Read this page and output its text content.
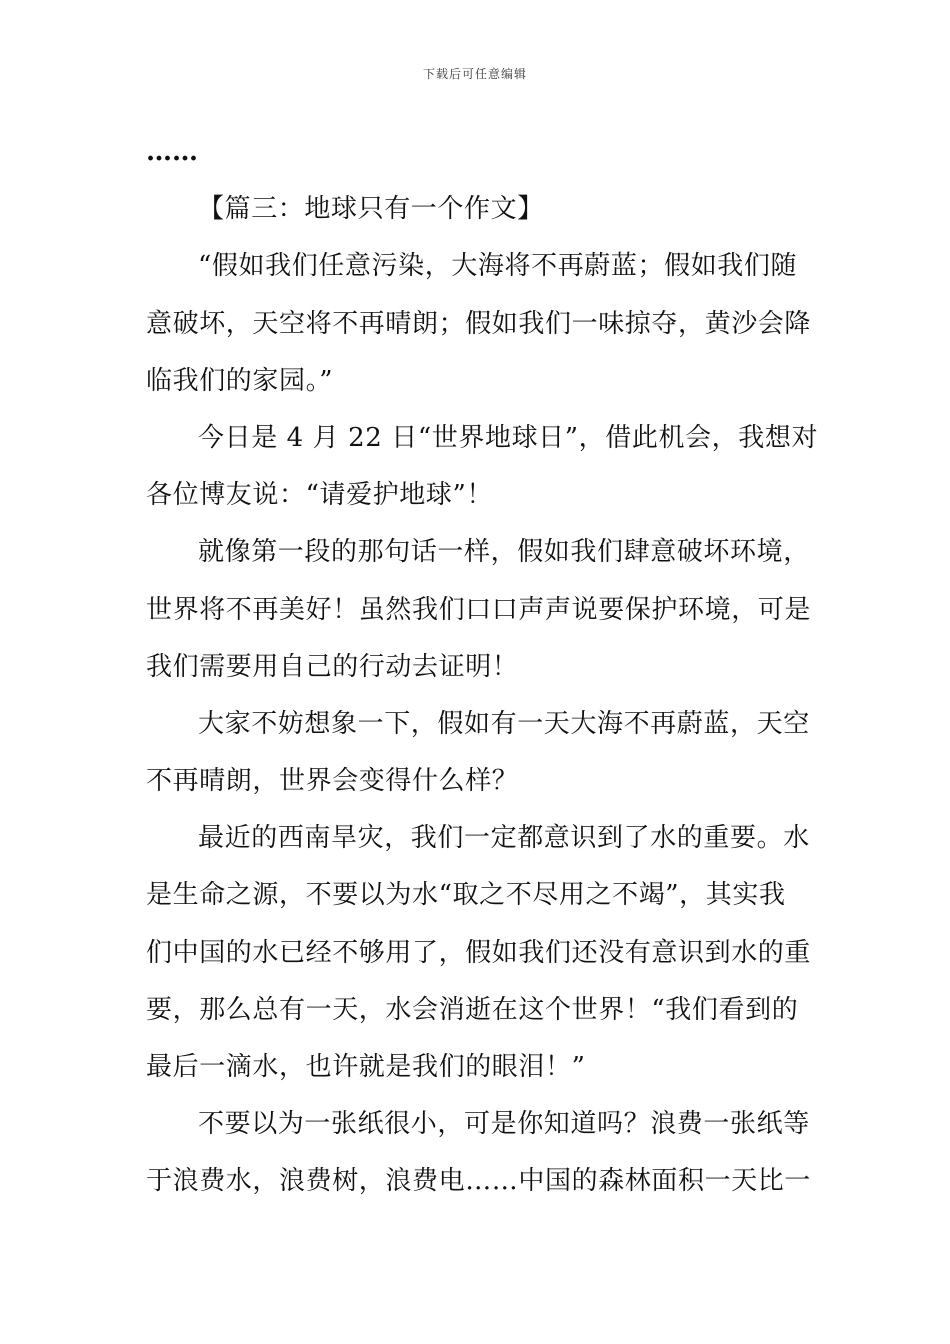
下载后可任意编辑
……
【篇三：地球只有一个作文】
“假如我们任意污染，大海将不再蔚蓝；假如我们随
意破坏，天空将不再晴朗；假如我们一味掠夺，黄沙会降
临我们的家园。”
今日是 4 月 22 日“世界地球日”，借此机会，我想对
各位博友说：“请爱护地球”！
就像第一段的那句话一样，假如我们肆意破坏环境，
世界将不再美好！虽然我们口口声声说要保护环境，可是
我们需要用自己的行动去证明！
大家不妨想象一下，假如有一天大海不再蔚蓝，天空
不再晴朗，世界会变得什么样？
最近的西南旱灾，我们一定都意识到了水的重要。水
是生命之源，不要以为水“取之不尽用之不竭”，其实我
们中国的水已经不够用了，假如我们还没有意识到水的重
要，那么总有一天，水会消逝在这个世界！“我们看到的
最后一滴水，也许就是我们的眼泪！”
不要以为一张纸很小，可是你知道吗？浪费一张纸等
于浪费水，浪费树，浪费电……中国的森林面积一天比一
